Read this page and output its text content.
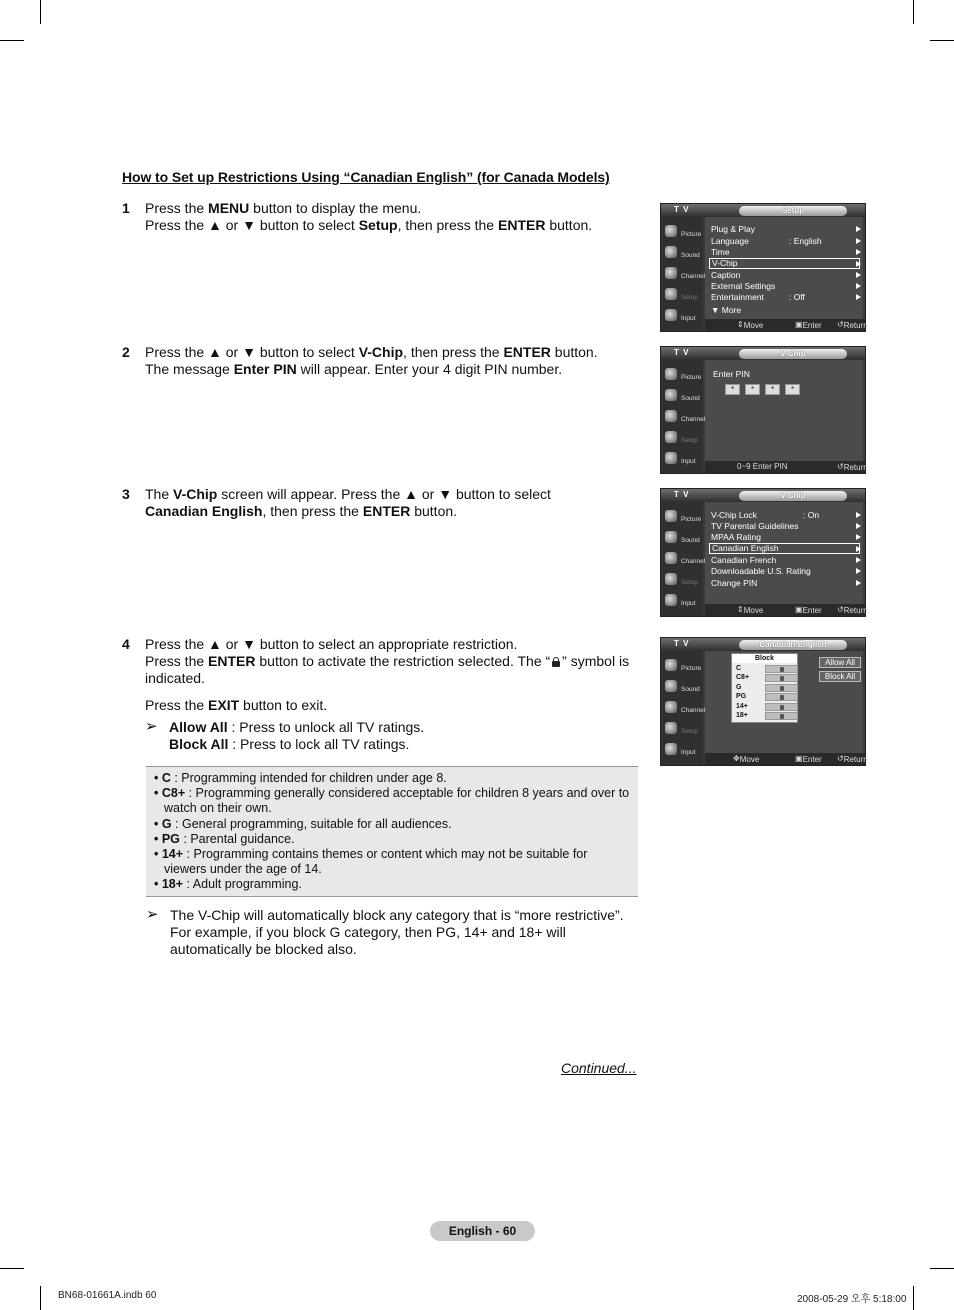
How to Set up Restrictions Using “Canadian English” (for Canada Models)
1 Press the MENU button to display the menu.

Press the ▲ or ▼ button to select Setup, then press the ENTER button.

2 Press the ▲ or ▼ button to select V-Chip, then press the ENTER button.

The message Enter PIN will appear. Enter your 4 digit PIN number.

3 The V-Chip screen will appear. Press the ▲ or ▼ button to select Canadian English, then press the ENTER button.

4 Press the ▲ or ▼ button to select an appropriate restriction.

Press the ENTER button to activate the restriction selected. The “ ” symbol is indicated.

Press the EXIT button to exit.

➢ Allow All : Press to unlock all TV ratings.

Block All : Press to lock all TV ratings.

• C : Programming intended for children under age 8.
• C8+ : Programming generally considered acceptable for children 8 years and over to watch on their own.
• G : General programming, suitable for all audiences.
• PG : Parental guidance.
• 14+ : Programming contains themes or content which may not be suitable for viewers under the age of 14.
• 18+ : Adult programming.
➢ The V-Chip will automatically block any category that is “more restrictive”. For example, if you block G category, then PG, 14+ and 18+ will automatically be blocked also.

Continued...
English - 60
BN68-01661A.indb 60	2008-05-29 오후 5:18:00
T V	Setup
Picture
Sound
Channel
Setup
Input
Plug & Play
Language	: English
Time
V-Chip
Caption
External Settings
Entertainment	: Off
▼ More
⇕ Move	▣ Enter ↺ Return
T V	V-Chip
Picture
Sound
Channel
Setup
Input
Enter PIN
*	*	*	*
0~9 Enter PIN	↺ Return
T V	V-Chip
Picture
Sound
Channel
Setup
Input
V-Chip Lock	: On
TV Parental Guidelines
MPAA Rating
Canadian English
Canadian French
Downloadable U.S. Rating
Change PIN
⇕ Move	▣ Enter ↺ Return
T V	Canadian English
Picture
Sound
Channel
Setup
Input
Block
C
C8+
G
PG
14+
18+
Allow All
Block All
✥ Move	▣ Enter ↺ Return
